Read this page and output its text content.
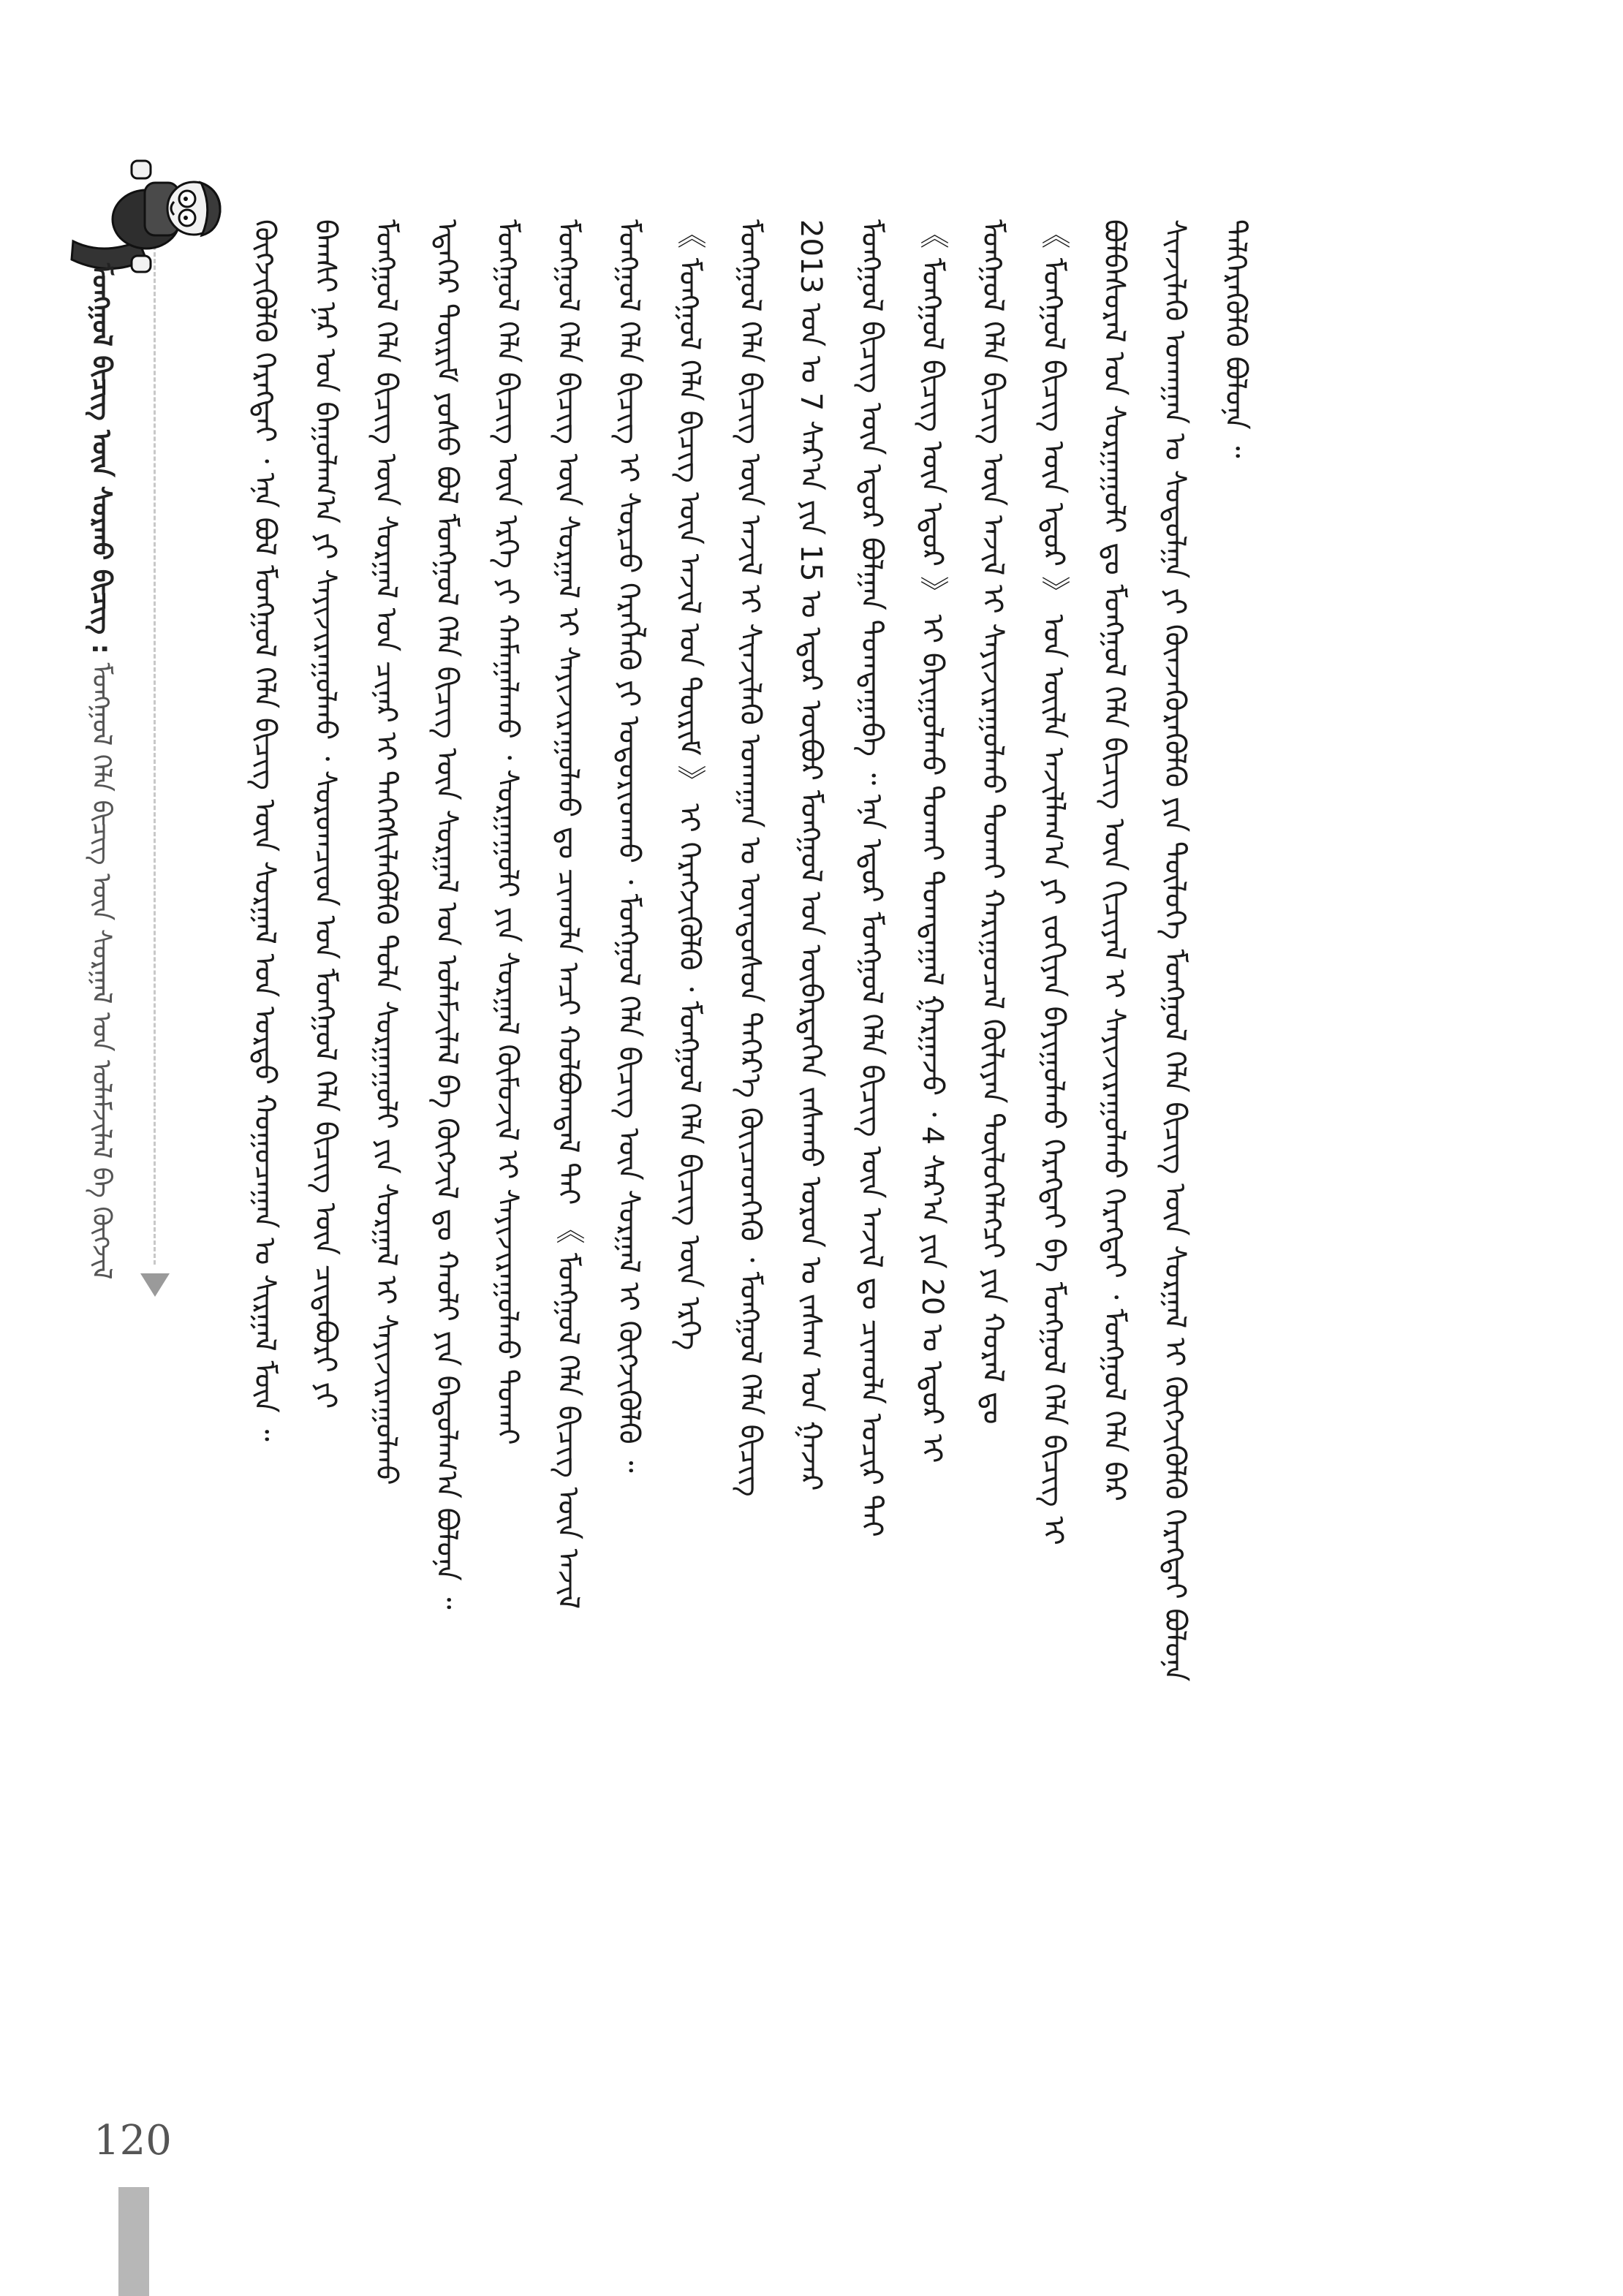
ᠮᠣᠩᠭᠣᠯ ᠪᠢᠴᠢᠭ᠌ ᠦᠨ ᠰᠤᠷᠬᠤ ᠪᠢᠴᠢᠭ᠌ : ᠮᠣᠩᠭᠣᠯ ᠬᠡᠯᠡ ᠪᠢᠴᠢᠭ᠌ ᠦᠨ ᠰᠤᠷᠭᠠᠯ ᠤᠨ ᠤᠯᠠᠮᠵᠢᠯᠠᠯ ᠪᠠ ᠬᠥᠭᠵᠢᠯ
ᠳᠡᠯᠭᠡᠷᠡᠭᠦᠯᠬᠦ ᠪᠣᠯᠤᠨᠠ ᠃
ᠰᠢᠨᠵᠢᠯᠡᠬᠦ ᠤᠬᠠᠭᠠᠨ ᠤ ᠰᠣᠳᠤᠯᠭᠠ ᠶᠢ ᠭᠦᠨᠵᠡᠭᠦᠷᠡᠭᠦᠯᠬᠦ ᠶᠢᠨ ᠲᠥᠯᠥᠭᠡ ᠮᠣᠩᠭᠣᠯ ᠬᠡᠯᠡ ᠪᠢᠴᠢᠭ᠌ ᠦᠨ ᠰᠤᠷᠭᠠᠯ ᠢ ᠬᠥᠭᠵᠢᠭᠦᠯᠬᠦ ᠬᠡᠷᠡᠭᠲᠡᠢ ᠪᠣᠯᠤᠨᠠ
ᠪᠣᠯᠪᠠᠰᠤᠷᠠᠯ ᠤᠨ ᠰᠤᠷᠭᠠᠭᠤᠯᠢ ᠳᠤ ᠮᠣᠩᠭᠣᠯ ᠬᠡᠯᠡ ᠪᠢᠴᠢᠭ᠌ ᠦᠨ ᠬᠢᠴᠢᠶᠡᠯ ᠢ ᠰᠠᠶᠢᠵᠢᠷᠠᠭᠤᠯᠬᠤ ᠬᠡᠷᠡᠭᠲᠡᠢ ᠂ ᠮᠣᠩᠭᠣᠯ ᠬᠡᠯᠡ ᠪᠡᠷ
《 ᠮᠣᠩᠭᠣᠯ ᠪᠢᠴᠢᠭ᠌ ᠦᠨ ᠡᠳᠦᠷ 》 ᠤᠨ ᠦᠢᠯᠡ ᠠᠵᠢᠯᠯᠠᠭ᠎ᠠ ᠶᠢ ᠵᠣᠬᠢᠶᠠᠨ ᠪᠠᠶᠢᠭᠤᠯᠬᠤ ᠬᠡᠷᠡᠭᠲᠡᠢ ᠪᠠ ᠮᠣᠩᠭᠣᠯ ᠬᠡᠯᠡ ᠪᠢᠴᠢᠭ᠌ ᠢ
ᠮᠣᠩᠭᠣᠯ ᠬᠡᠯᠡ ᠪᠢᠴᠢᠭ᠌ ᠦᠨ ᠠᠵᠢᠯ ᠢ ᠰᠠᠶᠢᠵᠢᠷᠠᠭᠤᠯᠬᠤ ᠲᠤᠬᠠᠢ ᠬᠠᠷᠢᠭᠤᠴᠠᠯ ᠬᠦᠯᠢᠶᠡᠨ ᠲᠥᠯᠦᠭᠡᠯᠡᠭᠴᠢ ᠶᠢᠨ ᠬᠤᠷᠠᠯ ᠳᠤ
《 ᠮᠣᠩᠭᠣᠯ ᠪᠢᠴᠢᠭ᠌ ᠦᠨ ᠡᠳᠦᠷ 》 ᠢ ᠪᠠᠶᠢᠭᠤᠯᠬᠤ ᠲᠤᠬᠠᠢ ᠲᠣᠭᠲᠠᠭᠠᠯ ᠭᠠᠷᠭᠠᠵᠤ ᠂ 4 ᠰᠠᠷ᠎ᠠ ᠶᠢᠨ 20 ᠤ ᠡᠳᠦᠷ ᠢ
ᠮᠣᠩᠭᠣᠯ ᠪᠢᠴᠢᠭ᠌ ᠦᠨ ᠡᠳᠦᠷ ᠪᠣᠯᠭᠠᠨ ᠲᠣᠭᠲᠠᠭᠠᠪᠠ ᠃ ᠡᠨᠡ ᠡᠳᠦᠷ ᠮᠣᠩᠭᠣᠯ ᠬᠡᠯᠡ ᠪᠢᠴᠢᠭ᠌ ᠦᠨ ᠠᠵᠢᠯ ᠳᠤ ᠴᠢᠬᠤᠯᠠ ᠤᠴᠢᠷ ᠲᠠᠢ
2013 ᠣᠨ ᠤ 7 ᠰᠠᠷ᠎ᠠ ᠶᠢᠨ 15 ᠤ ᠡᠳᠦᠷ ᠥᠪᠥᠷ ᠮᠣᠩᠭᠣᠯ ᠤᠨ ᠥᠪᠡᠷᠲᠡᠭᠡᠨ ᠵᠠᠰᠠᠬᠤ ᠣᠷᠤᠨ ᠤ ᠵᠠᠰᠠᠭ ᠤᠨ ᠭᠠᠵᠠᠷ
ᠮᠣᠩᠭᠣᠯ ᠬᠡᠯᠡ ᠪᠢᠴᠢᠭ᠌ ᠦᠨ ᠠᠵᠢᠯ ᠢ ᠰᠢᠨᠵᠢᠯᠡᠬᠦ ᠤᠬᠠᠭᠠᠨ ᠤ ᠦᠨᠳᠦᠰᠦᠨ ᠳᠡᠭᠡᠷ᠎ᠡ ᠭᠦᠢᠴᠡᠳᠬᠡᠬᠦ ᠂ ᠮᠣᠩᠭᠣᠯ ᠬᠡᠯᠡ ᠪᠢᠴᠢᠭ᠌
《 ᠮᠣᠩᠭᠣᠯ ᠬᠡᠯᠡ ᠪᠢᠴᠢᠭ᠌ ᠦᠨ ᠠᠵᠢᠯ ᠤᠨ ᠳᠦᠷᠢᠮ 》 ᠢ ᠬᠡᠷᠡᠭᠵᠢᠭᠦᠯᠬᠦ ᠂ ᠮᠣᠩᠭᠣᠯ ᠬᠡᠯᠡ ᠪᠢᠴᠢᠭ᠌ ᠦᠨ ᠡᠷᠬᠡ
ᠮᠣᠩᠭᠣᠯ ᠬᠡᠯᠡ ᠪᠢᠴᠢᠭ᠌ ᠢ ᠰᠤᠷᠴᠤ ᠬᠡᠷᠡᠭᠯᠡᠬᠦ ᠶᠢ ᠤᠳᠤᠷᠢᠳᠬᠤ ᠂ ᠮᠣᠩᠭᠣᠯ ᠬᠡᠯᠡ ᠪᠢᠴᠢᠭ᠌ ᠦᠨ ᠰᠤᠷᠭᠠᠯ ᠢ ᠬᠥᠭᠵᠢᠭᠦᠯᠬᠦ ᠃
ᠮᠣᠩᠭᠣᠯ ᠬᠡᠯᠡ ᠪᠢᠴᠢᠭ᠌ ᠦᠨ ᠰᠤᠷᠭᠠᠯ ᠢ ᠰᠠᠶᠢᠵᠢᠷᠠᠭᠤᠯᠬᠤ ᠳᠤ ᠴᠢᠬᠤᠯᠠ ᠠᠴᠢ ᠬᠤᠯᠪᠣᠭᠳᠠᠯ ᠲᠠᠢ 《 ᠮᠣᠩᠭᠣᠯ ᠬᠡᠯᠡ ᠪᠢᠴᠢᠭ᠌ ᠦᠨ ᠠᠵᠢᠯ
ᠮᠣᠩᠭᠣᠯ ᠬᠡᠯᠡ ᠪᠢᠴᠢᠭ᠌ ᠦᠨ ᠡᠷᠬᠡ ᠶᠢ ᠬᠠᠮᠠᠭᠠᠯᠠᠬᠤ ᠂ ᠰᠤᠷᠭᠠᠭᠤᠯᠢ ᠶᠢᠨ ᠰᠤᠷᠭᠠᠯ ᠬᠥᠮᠦᠵᠢᠯ ᠢ ᠰᠠᠶᠢᠵᠢᠷᠠᠭᠤᠯᠬᠤ ᠲᠤᠬᠠᠢ
ᠡᠳᠡᠭᠡᠷ ᠳᠦᠷᠢᠮ ᠶᠣᠰᠤ ᠪᠣᠯ ᠮᠣᠩᠭᠣᠯ ᠬᠡᠯᠡ ᠪᠢᠴᠢᠭ᠌ ᠦᠨ ᠰᠤᠷᠭᠠᠯ ᠤᠨ ᠤᠯᠠᠮᠵᠢᠯᠠᠯ ᠪᠠ ᠬᠥᠭᠵᠢᠯ ᠳᠤ ᠬᠠᠤᠯᠢ ᠶᠢᠨ ᠪᠠᠲᠤᠯᠠᠭ᠎ᠠ ᠪᠣᠯᠤᠨᠠ ᠃
ᠮᠣᠩᠭᠣᠯ ᠬᠡᠯᠡ ᠪᠢᠴᠢᠭ᠌ ᠦᠨ ᠰᠤᠷᠭᠠᠯ ᠤᠨ ᠴᠢᠨᠠᠷ ᠢ ᠳᠡᠭᠡᠭᠰᠢᠯᠡᠭᠦᠯᠬᠦ ᠲᠤᠯᠠ ᠰᠤᠷᠭᠠᠭᠤᠯᠢ ᠶᠢᠨ ᠰᠤᠷᠭᠠᠯ ᠢ ᠰᠠᠶᠢᠵᠢᠷᠠᠭᠤᠯᠬᠤ
ᠪᠠᠭᠰᠢ ᠨᠠᠷ ᠤᠨ ᠪᠠᠭᠤᠯᠠᠭ᠎ᠠ ᠶᠢ ᠰᠠᠶᠢᠵᠢᠷᠠᠭᠤᠯᠬᠤ ᠂ ᠰᠤᠷᠤᠭᠴᠢᠳ ᠤᠨ ᠮᠣᠩᠭᠣᠯ ᠬᠡᠯᠡ ᠪᠢᠴᠢᠭ᠌ ᠦᠨ ᠴᠢᠳᠠᠪᠤᠷᠢ ᠶᠢ
ᠬᠥᠭᠵᠢᠭᠦᠯᠬᠦ ᠬᠡᠷᠡᠭᠲᠡᠢ ᠂ ᠡᠨᠡ ᠪᠣᠯ ᠮᠣᠩᠭᠣᠯ ᠬᠡᠯᠡ ᠪᠢᠴᠢᠭ᠌ ᠦᠨ ᠰᠤᠷᠭᠠᠯ ᠤᠨ ᠤᠷᠲᠤ ᠬᠤᠭᠤᠴᠠᠭᠠᠨ ᠤ ᠰᠢᠷᠭᠠᠯ ᠮᠥᠨ ᠃
120
